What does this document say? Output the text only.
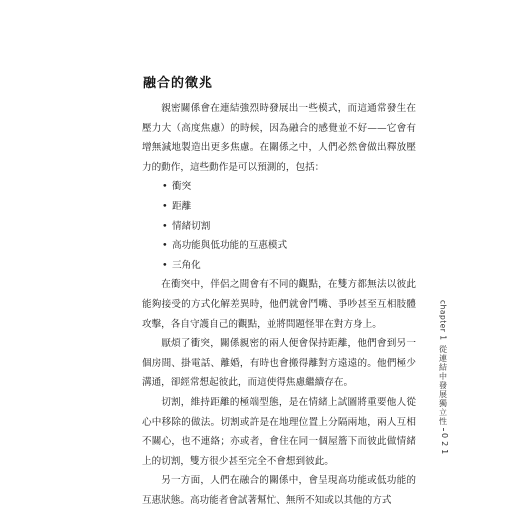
融合的徵兆

親密關係會在連結強烈時發展出一些模式，而這通常發生在壓力大（高度焦慮）的時候，因為融合的感覺並不好——它會有增無減地製造出更多焦慮。在關係之中，人們必然會做出釋放壓力的動作，這些動作是可以預測的，包括：

• 衝突
• 距離
• 情緒切割
• 高功能與低功能的互惠模式
• 三角化

在衝突中，伴侶之間會有不同的觀點，在雙方都無法以彼此能夠接受的方式化解差異時，他們就會鬥嘴、爭吵甚至互相肢體攻擊，各自守護自己的觀點，並將問題怪罪在對方身上。

厭煩了衝突，關係親密的兩人便會保持距離，他們會到另一個房間、掛電話、離婚，有時也會搬得離對方遠遠的。他們極少溝通，卻經常想起彼此，而這使得焦慮繼續存在。

切割，維持距離的極端型態，是在情緒上試圖將重要他人從心中移除的做法。切割或許是在地理位置上分隔兩地，兩人互相不關心，也不連絡；亦或者，會住在同一個屋簷下而彼此做情緒上的切割，雙方很少甚至完全不會想到彼此。

另一方面，人們在融合的關係中，會呈現高功能或低功能的互惠狀態。高功能者會試著幫忙、無所不知或以其他的方式

chapter 1
從連結中發展獨立性
021
